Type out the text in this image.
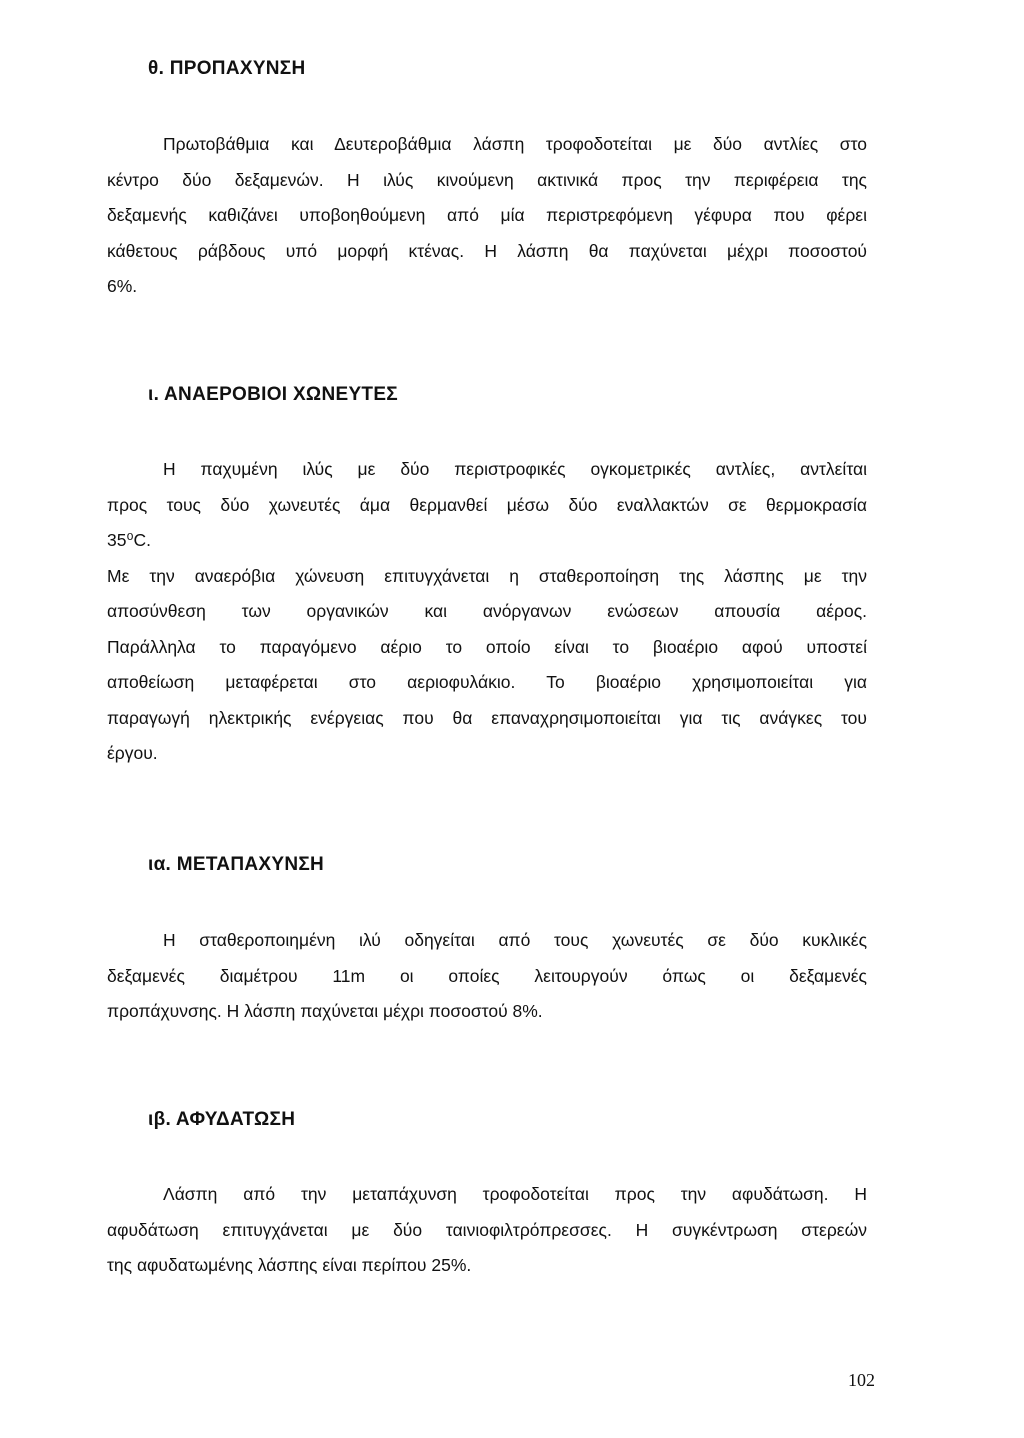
θ. ΠΡΟΠΑΧΥΝΣΗ
Πρωτοβάθμια και Δευτεροβάθμια λάσπη τροφοδοτείται με δύο αντλίες στο
κέντρο δύο δεξαμενών. Η ιλύς κινούμενη ακτινικά προς την περιφέρεια της
δεξαμενής καθιζάνει υποβοηθούμενη από μία περιστρεφόμενη γέφυρα που φέρει
κάθετους ράβδους υπό μορφή κτένας. Η λάσπη θα παχύνεται μέχρι ποσοστού
6%.
ι. ΑΝΑΕΡΟΒΙΟΙ ΧΩΝΕΥΤΕΣ
Η παχυμένη ιλύς με δύο περιστροφικές ογκομετρικές αντλίες, αντλείται
προς τους δύο χωνευτές άμα θερμανθεί μέσω δύο εναλλακτών σε θερμοκρασία
35⁰C.
Με την αναερόβια χώνευση επιτυγχάνεται η σταθεροποίηση της λάσπης με την
αποσύνθεση των οργανικών και ανόργανων ενώσεων απουσία αέρος.
Παράλληλα το παραγόμενο αέριο το οποίο είναι το βιοαέριο αφού υποστεί
αποθείωση μεταφέρεται στο αεριοφυλάκιο. Το βιοαέριο χρησιμοποιείται για
παραγωγή ηλεκτρικής ενέργειας που θα επαναχρησιμοποιείται για τις ανάγκες του
έργου.
ια. ΜΕΤΑΠΑΧΥΝΣΗ
Η σταθεροποιημένη ιλύ οδηγείται από τους χωνευτές σε δύο κυκλικές
δεξαμενές διαμέτρου 11m οι οποίες λειτουργούν όπως οι δεξαμενές
προπάχυνσης. Η λάσπη παχύνεται μέχρι ποσοστού 8%.
ιβ. ΑΦΥΔΑΤΩΣΗ
Λάσπη από την μεταπάχυνση τροφοδοτείται προς την αφυδάτωση. Η
αφυδάτωση επιτυγχάνεται με δύο ταινιοφιλτρόπρεσσες. Η συγκέντρωση στερεών
της αφυδατωμένης λάσπης είναι περίπου 25%.

102
